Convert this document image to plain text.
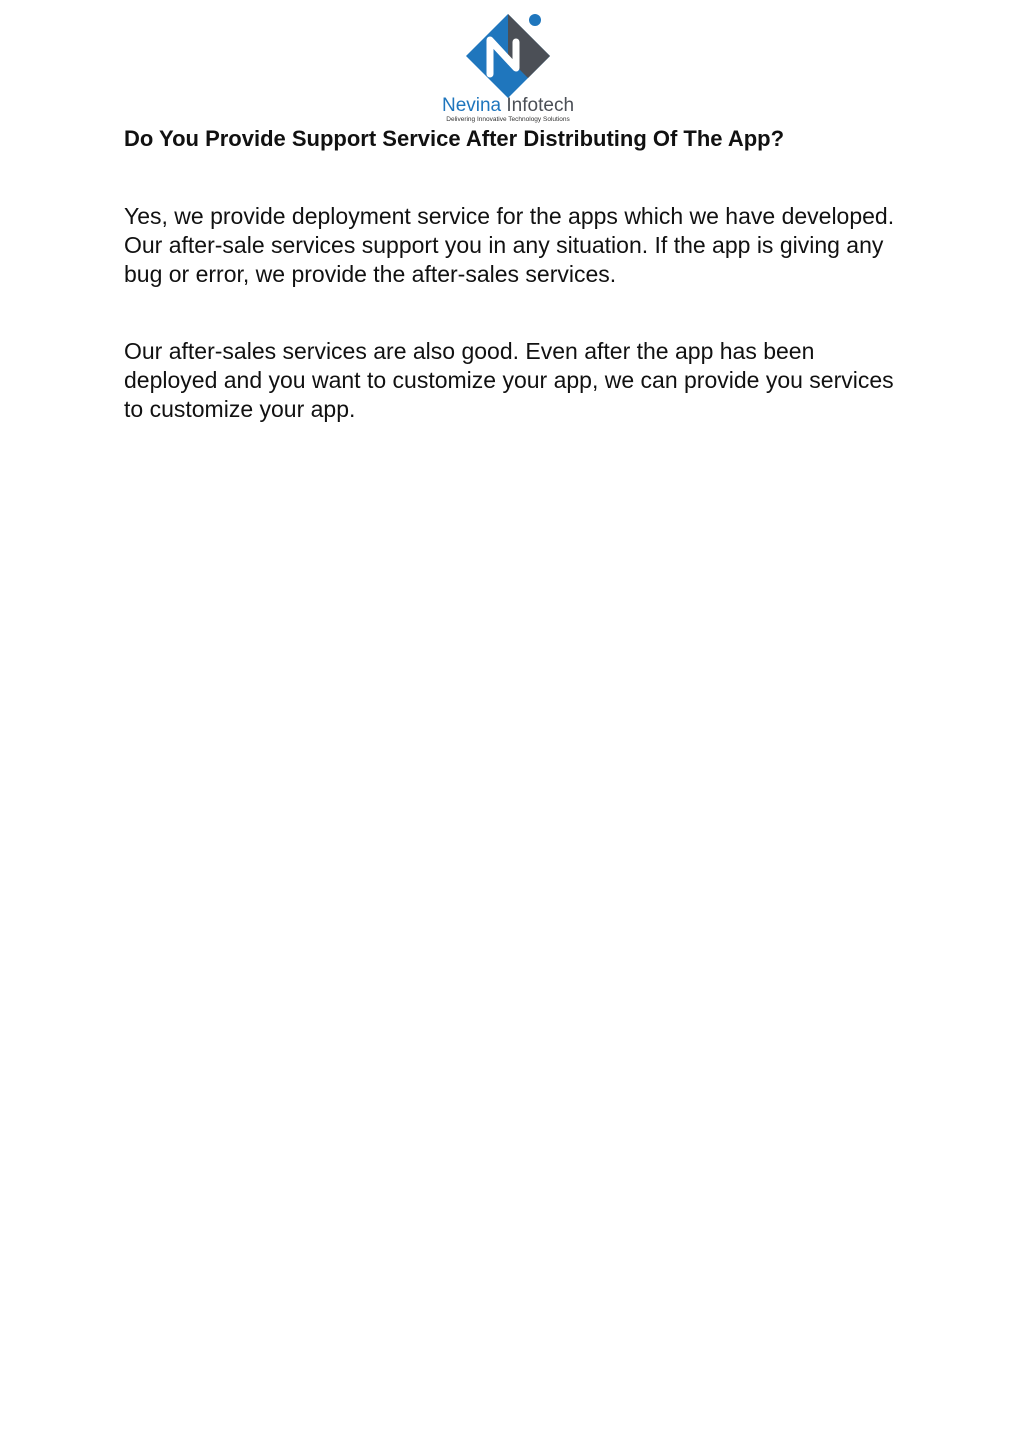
Nevina Infotech
Delivering Innovative Technology Solutions
Do You Provide Support Service After Distributing Of The App?

Yes, we provide deployment service for the apps which we have developed. Our after-sale services support you in any situation. If the app is giving any bug or error, we provide the after-sales services.

Our after-sales services are also good. Even after the app has been deployed and you want to customize your app, we can provide you services to customize your app.
